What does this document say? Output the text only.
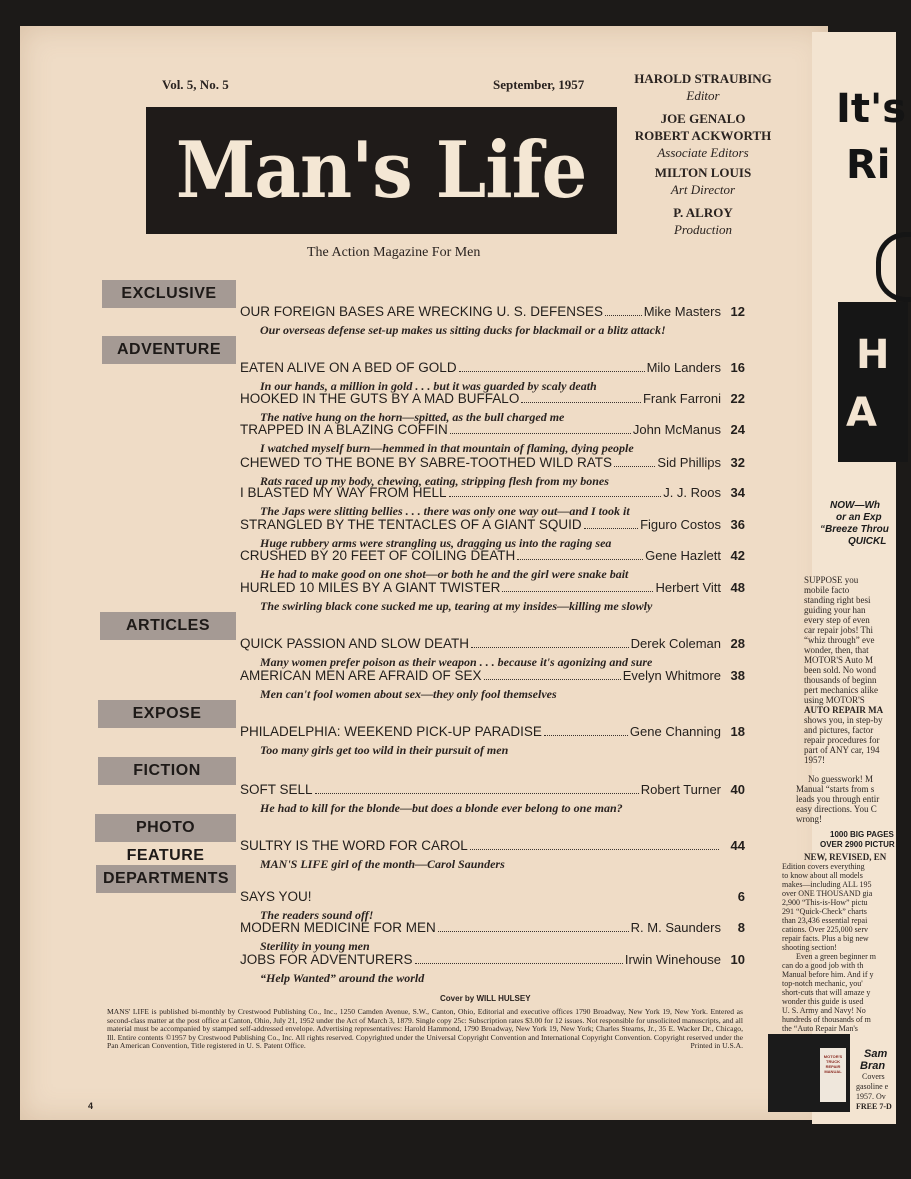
Vol. 5, No. 5	September, 1957	HAROLD STRAUBING
Editor
JOE GENALO
ROBERT ACKWORTH
Associate Editors
MILTON LOUIS
Art Director
P. ALROY
Production
Man's Life
The Action Magazine For Men
EXCLUSIVE
ADVENTURE
ARTICLES
EXPOSE
FICTION
PHOTO FEATURE
DEPARTMENTS
OUR FOREIGN BASES ARE WRECKING U. S. DEFENSES	Mike Masters 12
Our overseas defense set-up makes us sitting ducks for blackmail or a blitz attack!
EATEN ALIVE ON A BED OF GOLD	Milo Landers 16
In our hands, a million in gold . . . but it was guarded by scaly death
HOOKED IN THE GUTS BY A MAD BUFFALO	Frank Farroni 22
The native hung on the horn—spitted, as the bull charged me
TRAPPED IN A BLAZING COFFIN	John McManus 24
I watched myself burn—hemmed in that mountain of flaming, dying people
CHEWED TO THE BONE BY SABRE-TOOTHED WILD RATS	Sid Phillips 32
Rats raced up my body, chewing, eating, stripping flesh from my bones
I BLASTED MY WAY FROM HELL	J. J. Roos 34
The Japs were slitting bellies . . . there was only one way out—and I took it
STRANGLED BY THE TENTACLES OF A GIANT SQUID	Figuro Costos 36
Huge rubbery arms were strangling us, dragging us into the raging sea
CRUSHED BY 20 FEET OF COILING DEATH	Gene Hazlett 42
He had to make good on one shot—or both he and the girl were snake bait
HURLED 10 MILES BY A GIANT TWISTER	Herbert Vitt 48
The swirling black cone sucked me up, tearing at my insides—killing me slowly
QUICK PASSION AND SLOW DEATH	Derek Coleman 28
Many women prefer poison as their weapon . . . because it's agonizing and sure
AMERICAN MEN ARE AFRAID OF SEX	Evelyn Whitmore 38
Men can't fool women about sex—they only fool themselves
PHILADELPHIA: WEEKEND PICK-UP PARADISE	Gene Channing 18
Too many girls get too wild in their pursuit of men
SOFT SELL	Robert Turner 40
He had to kill for the blonde—but does a blonde ever belong to one man?
SULTRY IS THE WORD FOR CAROL	44
MAN'S LIFE girl of the month—Carol Saunders
SAYS YOU!	6
The readers sound off!
MODERN MEDICINE FOR MEN	R. M. Saunders	8
Sterility in young men
JOBS FOR ADVENTURERS	Irwin Winehouse 10
“Help Wanted” around the world
Cover by WILL HULSEY
MANS' LIFE is published bi-monthly by Crestwood Publishing Co., Inc., 1250 Camden Avenue, S.W., Canton, Ohio, Editorial and executive offices 1790 Broadway, New York 19, New York. Entered as second-class matter at the post office at Canton, Ohio, July 21, 1952 under the Act of March 3, 1879. Single copy 25c: Subscription rates $3.00 for 12 issues. Not responsible for unsolicited manuscripts, and all material must be accompanied by stamped self-addressed envelope. Advertising representatives: Harold Hammond, 1790 Broadway, New York 19, New York; Charles Stearns, Jr., 35 E. Wacker Dr., Chicago, Ill. Entire contents ©1957 by Crestwood Publishing Co., Inc. All rights reserved. Copyrighted under the Universal Copyright Convention and International Copyright Convention. Copyright reserved under the Pan American Convention, Title registered in U. S. Patent Office.	Printed in U.S.A.
4
It's
Ri
H
A
NOW—Wh
or an Exp
“Breeze Throu
QUICKL
SUPPOSE you
mobile facto
standing right besi
guiding your han
every step of even
car repair jobs! Thi
“whiz through” eve
wonder, then, that
MOTOR'S Auto M
been sold. No wond
thousands of beginn
pert mechanics alike
using MOTOR'S
AUTO REPAIR MA
shows you, in step-by
and pictures, factor
repair procedures for
part of ANY car, 194
1957!
No guesswork! M
Manual “starts from s
leads you through entir
easy directions. You C
wrong!
1000 BIG PAGES -
OVER 2900 PICTUR
NEW, REVISED, EN
Edition covers everything
to know about all models
makes—including ALL 195
over ONE THOUSAND gia
2,900 “This-is-How” pictu
291 “Quick-Check” charts
than 23,436 essential repai
cations. Over 225,000 serv
repair facts. Plus a big new
shooting section!
Even a green beginner m
can do a good job with th
Manual before him. And if y
top-notch mechanic, you'
short-cuts that will amaze y
wonder this guide is used
U. S. Army and Navy! No
hundreds of thousands of m
the “Auto Repair Man's
MOTOR'S
TRUCK REPAIR
MANUAL
Sam
Bran
Covers
gasoline e
1957. Ov
FREE 7-D
